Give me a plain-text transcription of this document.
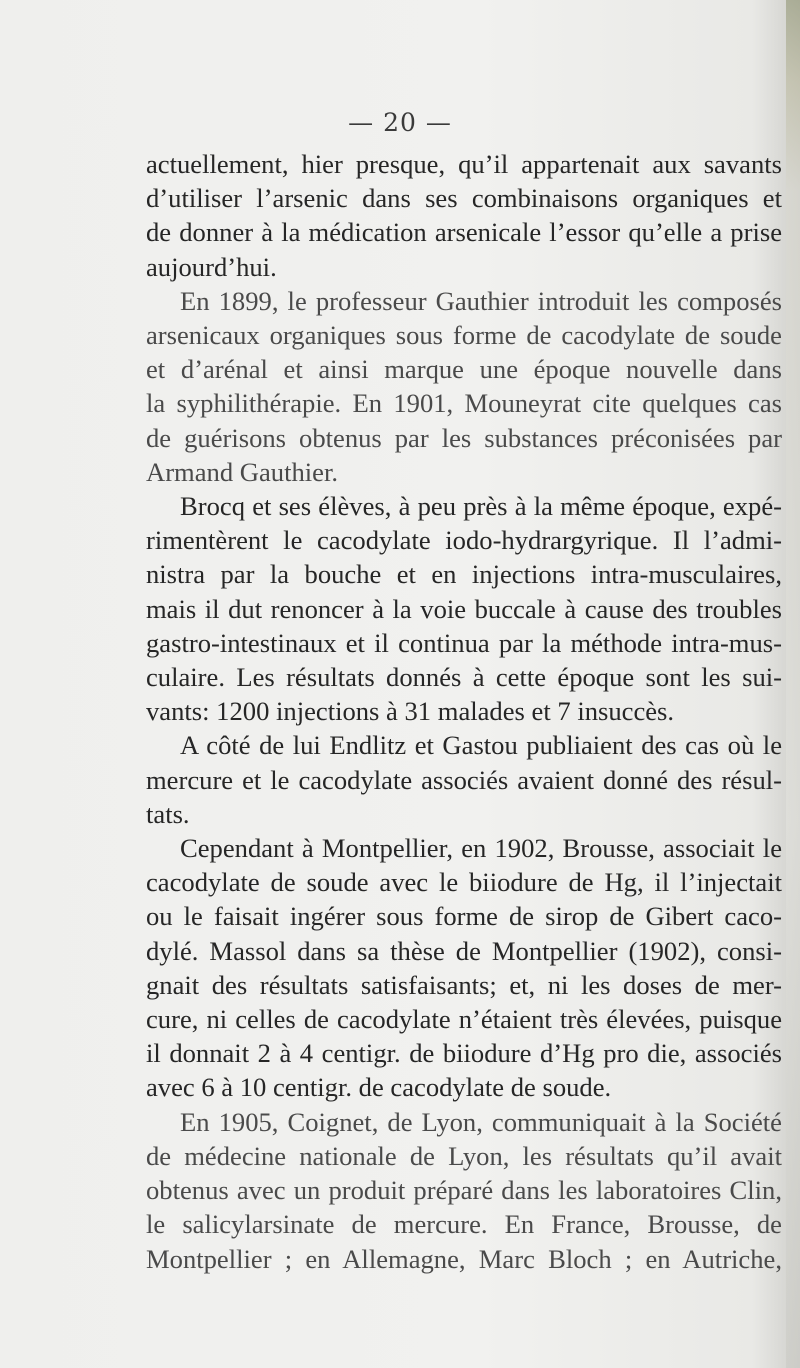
— 20 —
actuellement, hier presque, qu’il appartenait aux savants
d’utiliser l’arsenic dans ses combinaisons organiques et
de donner à la médication arsenicale l’essor qu’elle a prise
aujourd’hui.
En 1899, le professeur Gauthier introduit les composés
arsenicaux organiques sous forme de cacodylate de soude
et d’arénal et ainsi marque une époque nouvelle dans
la syphilithérapie. En 1901, Mouneyrat cite quelques cas
de guérisons obtenus par les substances préconisées par
Armand Gauthier.
Brocq et ses élèves, à peu près à la même époque, expé-
rimentèrent le cacodylate iodo-hydrargyrique. Il l’admi-
nistra par la bouche et en injections intra-musculaires,
mais il dut renoncer à la voie buccale à cause des troubles
gastro-intestinaux et il continua par la méthode intra-mus-
culaire. Les résultats donnés à cette époque sont les sui-
vants: 1200 injections à 31 malades et 7 insuccès.
A côté de lui Endlitz et Gastou publiaient des cas où le
mercure et le cacodylate associés avaient donné des résul-
tats.
Cependant à Montpellier, en 1902, Brousse, associait le
cacodylate de soude avec le biiodure de Hg, il l’injectait
ou le faisait ingérer sous forme de sirop de Gibert caco-
dylé. Massol dans sa thèse de Montpellier (1902), consi-
gnait des résultats satisfaisants; et, ni les doses de mer-
cure, ni celles de cacodylate n’étaient très élevées, puisque
il donnait 2 à 4 centigr. de biiodure d’Hg pro die, associés
avec 6 à 10 centigr. de cacodylate de soude.
En 1905, Coignet, de Lyon, communiquait à la Société
de médecine nationale de Lyon, les résultats qu’il avait
obtenus avec un produit préparé dans les laboratoires Clin,
le salicylarsinate de mercure. En France, Brousse, de
Montpellier ; en Allemagne, Marc Bloch ; en Autriche,
